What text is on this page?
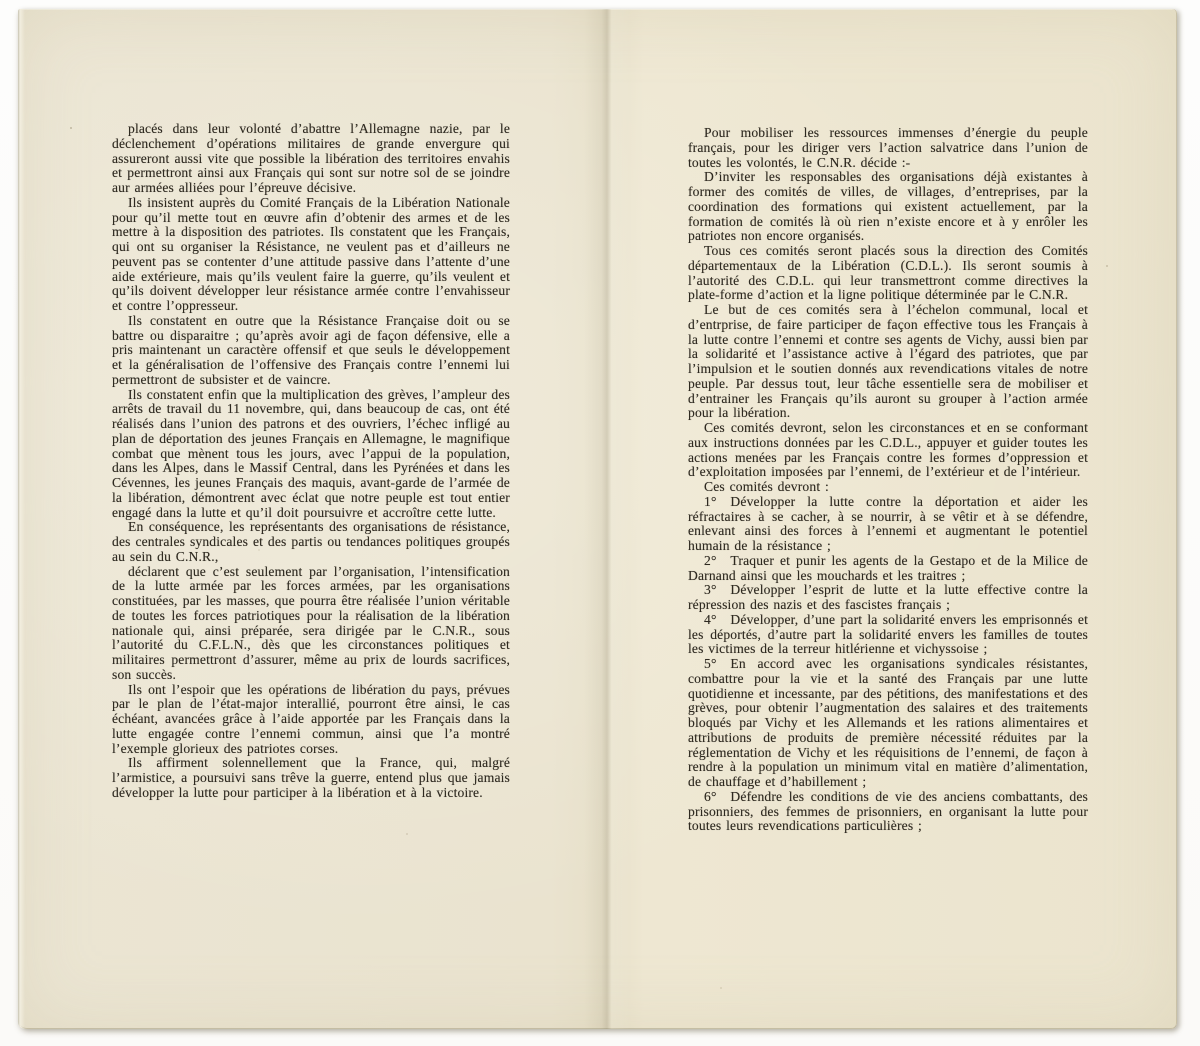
placés dans leur volonté d’abattre l’Allemagne nazie, par le déclenchement d’opérations militaires de grande envergure qui assureront aussi vite que possible la libération des territoires envahis et permettront ainsi aux Français qui sont sur notre sol de se joindre aur armées alliées pour l’épreuve décisive.

Ils insistent auprès du Comité Français de la Libération Nationale pour qu’il mette tout en œuvre afin d’obtenir des armes et de les mettre à la disposition des patriotes. Ils constatent que les Français, qui ont su organiser la Résistance, ne veulent pas et d’ailleurs ne peuvent pas se contenter d’une attitude passive dans l’attente d’une aide extérieure, mais qu’ils veulent faire la guerre, qu’ils veulent et qu’ils doivent développer leur résistance armée contre l’envahisseur et contre l’oppresseur.

Ils constatent en outre que la Résistance Française doit ou se battre ou disparaitre ; qu’après avoir agi de façon défensive, elle a pris maintenant un caractère offensif et que seuls le développement et la généralisation de l’offensive des Français contre l’ennemi lui permettront de subsister et de vaincre.

Ils constatent enfin que la multiplication des grèves, l’ampleur des arrêts de travail du 11 novembre, qui, dans beaucoup de cas, ont été réalisés dans l’union des patrons et des ouvriers, l’échec infligé au plan de déportation des jeunes Français en Allemagne, le magnifique combat que mènent tous les jours, avec l’appui de la population, dans les Alpes, dans le Massif Central, dans les Pyrénées et dans les Cévennes, les jeunes Français des maquis, avant-garde de l’armée de la libération, démontrent avec éclat que notre peuple est tout entier engagé dans la lutte et qu’il doit poursuivre et accroître cette lutte.

En conséquence, les représentants des organisations de résistance, des centrales syndicales et des partis ou tendances politiques groupés au sein du C.N.R.,

déclarent que c’est seulement par l’organisation, l’intensification de la lutte armée par les forces armées, par les organisations constituées, par les masses, que pourra être réalisée l’union véritable de toutes les forces patriotiques pour la réalisation de la libération nationale qui, ainsi préparée, sera dirigée par le C.N.R., sous l’autorité du C.F.L.N., dès que les circonstances politiques et militaires permettront d’assurer, même au prix de lourds sacrifices, son succès.

Ils ont l’espoir que les opérations de libération du pays, prévues par le plan de l’état-major interallié, pourront être ainsi, le cas échéant, avancées grâce à l’aide apportée par les Français dans la lutte engagée contre l’ennemi commun, ainsi que l’a montré l’exemple glorieux des patriotes corses.

Ils affirment solennellement que la France, qui, malgré l’armistice, a poursuivi sans trêve la guerre, entend plus que jamais développer la lutte pour participer à la libération et à la victoire.

Pour mobiliser les ressources immenses d’énergie du peuple français, pour les diriger vers l’action salvatrice dans l’union de toutes les volontés, le C.N.R. décide :-

D’inviter les responsables des organisations déjà existantes à former des comités de villes, de villages, d’entreprises, par la coordination des formations qui existent actuellement, par la formation de comités là où rien n’existe encore et à y enrôler les patriotes non encore organisés.

Tous ces comités seront placés sous la direction des Comités départementaux de la Libération (C.D.L.). Ils seront soumis à l’autorité des C.D.L. qui leur transmettront comme directives la plate-forme d’action et la ligne politique déterminée par le C.N.R.

Le but de ces comités sera à l’échelon communal, local et d’entrprise, de faire participer de façon effective tous les Français à la lutte contre l’ennemi et contre ses agents de Vichy, aussi bien par la solidarité et l’assistance active à l’égard des patriotes, que par l’impulsion et le soutien donnés aux revendications vitales de notre peuple. Par dessus tout, leur tâche essentielle sera de mobiliser et d’entrainer les Français qu’ils auront su grouper à l’action armée pour la libération.

Ces comités devront, selon les circonstances et en se conformant aux instructions données par les C.D.L., appuyer et guider toutes les actions menées par les Français contre les formes d’oppression et d’exploitation imposées par l’ennemi, de l’extérieur et de l’intérieur.

Ces comités devront :

1°  Développer la lutte contre la déportation et aider les réfractaires à se cacher, à se nourrir, à se vêtir et à se défendre, enlevant ainsi des forces à l’ennemi et augmentant le potentiel humain de la résistance ;

2°  Traquer et punir les agents de la Gestapo et de la Milice de Darnand ainsi que les mouchards et les traitres ;

3°  Développer l’esprit de lutte et la lutte effective contre la répression des nazis et des fascistes français ;

4°  Développer, d’une part la solidarité envers les emprisonnés et les déportés, d’autre part la solidarité envers les familles de toutes les victimes de la terreur hitlérienne et vichyssoise ;

5°  En accord avec les organisations syndicales résistantes, combattre pour la vie et la santé des Français par une lutte quotidienne et incessante, par des pétitions, des manifestations et des grèves, pour obtenir l’augmentation des salaires et des traitements bloqués par Vichy et les Allemands et les rations alimentaires et attributions de produits de première nécessité réduites par la réglementation de Vichy et les réquisitions de l’ennemi, de façon à rendre à la population un minimum vital en matière d’alimentation, de chauffage et d’habillement ;

6°  Défendre les conditions de vie des anciens combattants, des prisonniers, des femmes de prisonniers, en organisant la lutte pour toutes leurs revendications particulières ;
